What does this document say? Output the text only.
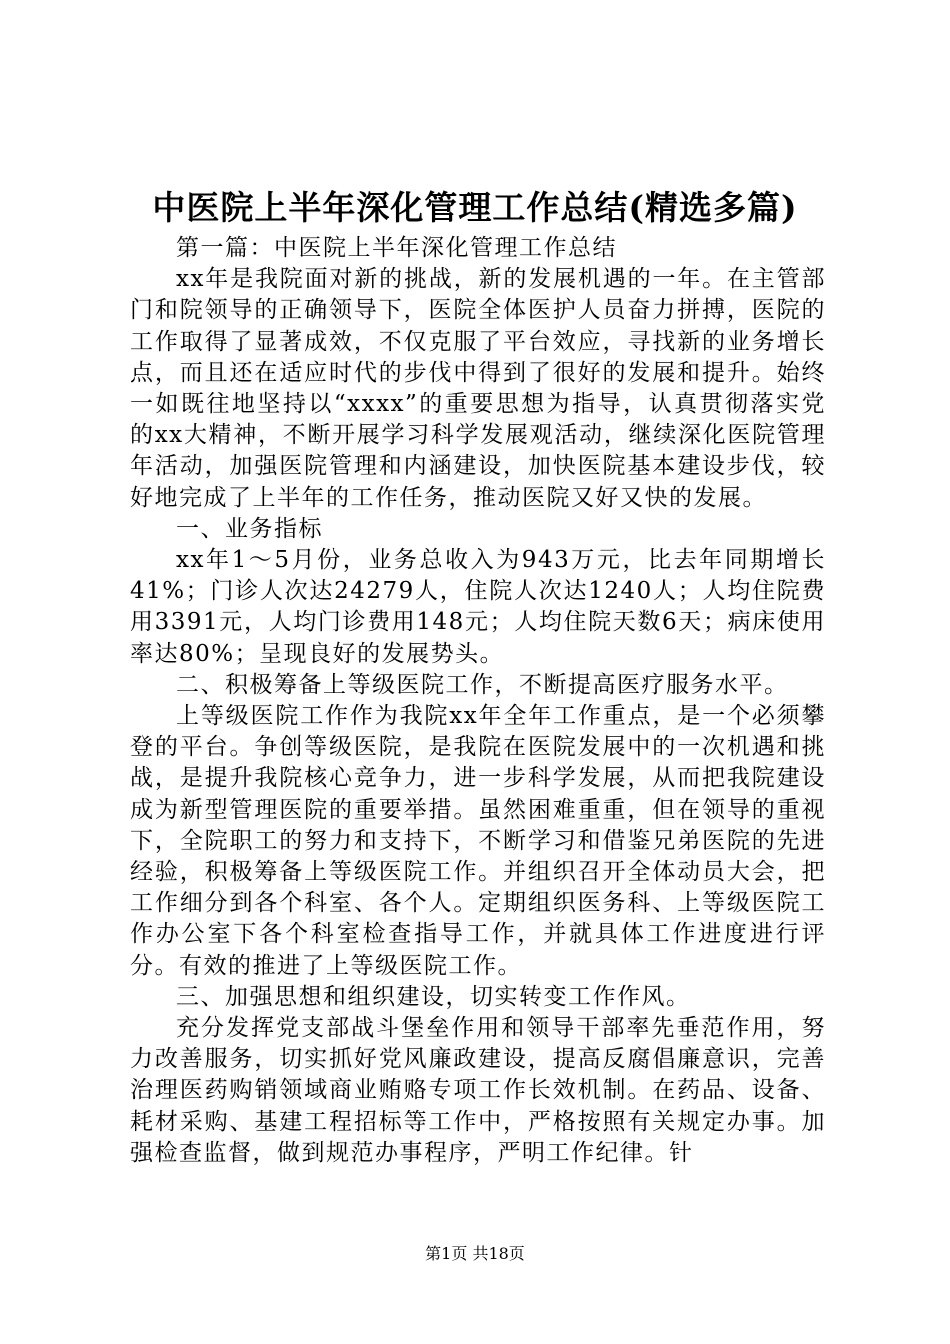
中医院上半年深化管理工作总结(精选多篇)

第一篇：中医院上半年深化管理工作总结

xx年是我院面对新的挑战，新的发展机遇的一年。在主管部门和院领导的正确领导下，医院全体医护人员奋力拼搏，医院的工作取得了显著成效，不仅克服了平台效应，寻找新的业务增长点，而且还在适应时代的步伐中得到了很好的发展和提升。始终一如既往地坚持以“xxxx”的重要思想为指导，认真贯彻落实党的xx大精神，不断开展学习科学发展观活动，继续深化医院管理年活动，加强医院管理和内涵建设，加快医院基本建设步伐，较好地完成了上半年的工作任务，推动医院又好又快的发展。

一、业务指标

xx年1～5月份，业务总收入为943万元，比去年同期增长41%；门诊人次达24279人，住院人次达1240人；人均住院费用3391元，人均门诊费用148元；人均住院天数6天；病床使用率达80%；呈现良好的发展势头。

二、积极筹备上等级医院工作，不断提高医疗服务水平。

上等级医院工作作为我院xx年全年工作重点，是一个必须攀登的平台。争创等级医院，是我院在医院发展中的一次机遇和挑战，是提升我院核心竞争力，进一步科学发展，从而把我院建设成为新型管理医院的重要举措。虽然困难重重，但在领导的重视下，全院职工的努力和支持下，不断学习和借鉴兄弟医院的先进经验，积极筹备上等级医院工作。并组织召开全体动员大会，把工作细分到各个科室、各个人。定期组织医务科、上等级医院工作办公室下各个科室检查指导工作，并就具体工作进度进行评分。有效的推进了上等级医院工作。

三、加强思想和组织建设，切实转变工作作风。

充分发挥党支部战斗堡垒作用和领导干部率先垂范作用，努力改善服务，切实抓好党风廉政建设，提高反腐倡廉意识，完善治理医药购销领域商业贿赂专项工作长效机制。在药品、设备、耗材采购、基建工程招标等工作中，严格按照有关规定办事。加强检查监督，做到规范办事程序，严明工作纪律。针

第1页 共18页
